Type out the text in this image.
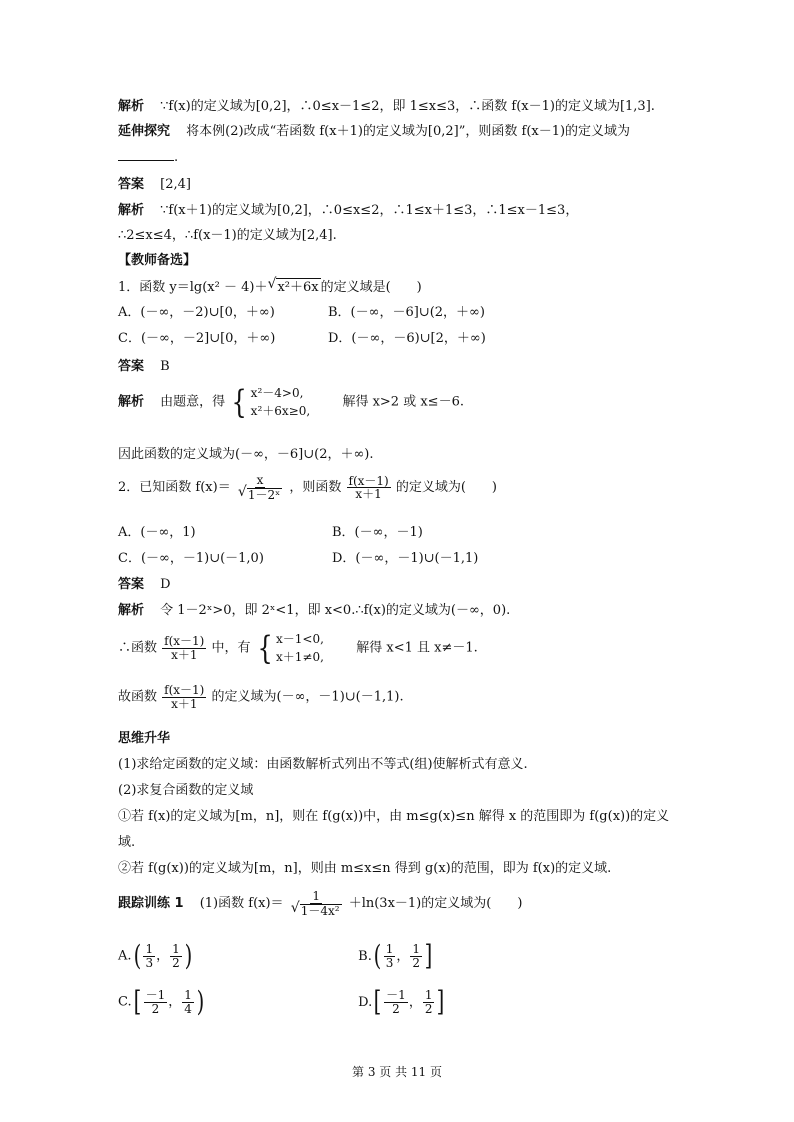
解析 ∵f(x)的定义域为[0,2]，∴0≤x－1≤2，即 1≤x≤3，∴函数 f(x－1)的定义域为[1,3].
延伸探究 将本例(2)改成“若函数 f(x＋1)的定义域为[0,2]”，则函数 f(x－1)的定义域为
.
答案 [2,4]
解析 ∵f(x＋1)的定义域为[0,2]，∴0≤x≤2，∴1≤x＋1≤3，∴1≤x－1≤3，
∴2≤x≤4，∴f(x－1)的定义域为[2,4].
【教师备选】
1．函数 y＝lg(x² － 4)＋√ x²＋6x 的定义域是(　　)
A．(－∞，－2)∪[0，＋∞)	B．(－∞，－6]∪(2，＋∞)
C．(－∞，－2]∪[0，＋∞)	D．(－∞，－6)∪[2，＋∞)
答案 B
解析 由题意，得 { x²－4>0,
x²＋6x≥0,
解得 x>2 或 x≤－6.
因此函数的定义域为(－∞，－6]∪(2，＋∞).
2．已知函数 f(x)＝ x
√ 1－2ˣ ，则函数 $\frac{f(x-1)}{x+1}$ 的定义域为(　　)
A．(－∞，1)	B．(－∞，－1)
C．(－∞，－1)∪(－1,0)	D．(－∞，－1)∪(－1,1)
答案 D
解析 令 1－2ˣ>0，即 2ˣ<1，即 x<0.∴f(x)的定义域为(－∞，0).
∴函数 $\frac{f(x-1)}{x+1}$ 中，有 { x－1<0,
x＋1≠0,
解得 x<1 且 x≠－1.
故函数 $\frac{f(x-1)}{x+1}$ 的定义域为(－∞，－1)∪(－1,1).
思维升华
(1)求给定函数的定义域：由函数解析式列出不等式(组)使解析式有意义.
(2)求复合函数的定义域
①若 f(x)的定义域为[m，n]，则在 f(g(x))中，由 m≤g(x)≤n 解得 x 的范围即为 f(g(x))的定义
域.
②若 f(g(x))的定义域为[m，n]，则由 m≤x≤n 得到 g(x)的范围，即为 f(x)的定义域.
跟踪训练 1 (1)函数 f(x)＝ 1
√ 1－4x² ＋ln(3x－1)的定义域为(　　)
$A.( \frac{1}{3}$ ， $\frac{1}{2}$ )	$B.( \frac{1}{3}$ ， $\frac{1}{2}$ ]
$C.[ \frac{-1}{2}$ ， $\frac{1}{4}$ )	$D.[ \frac{-1}{2}$ ， $\frac{1}{2}$ ]
第 3 页 共 11 页
